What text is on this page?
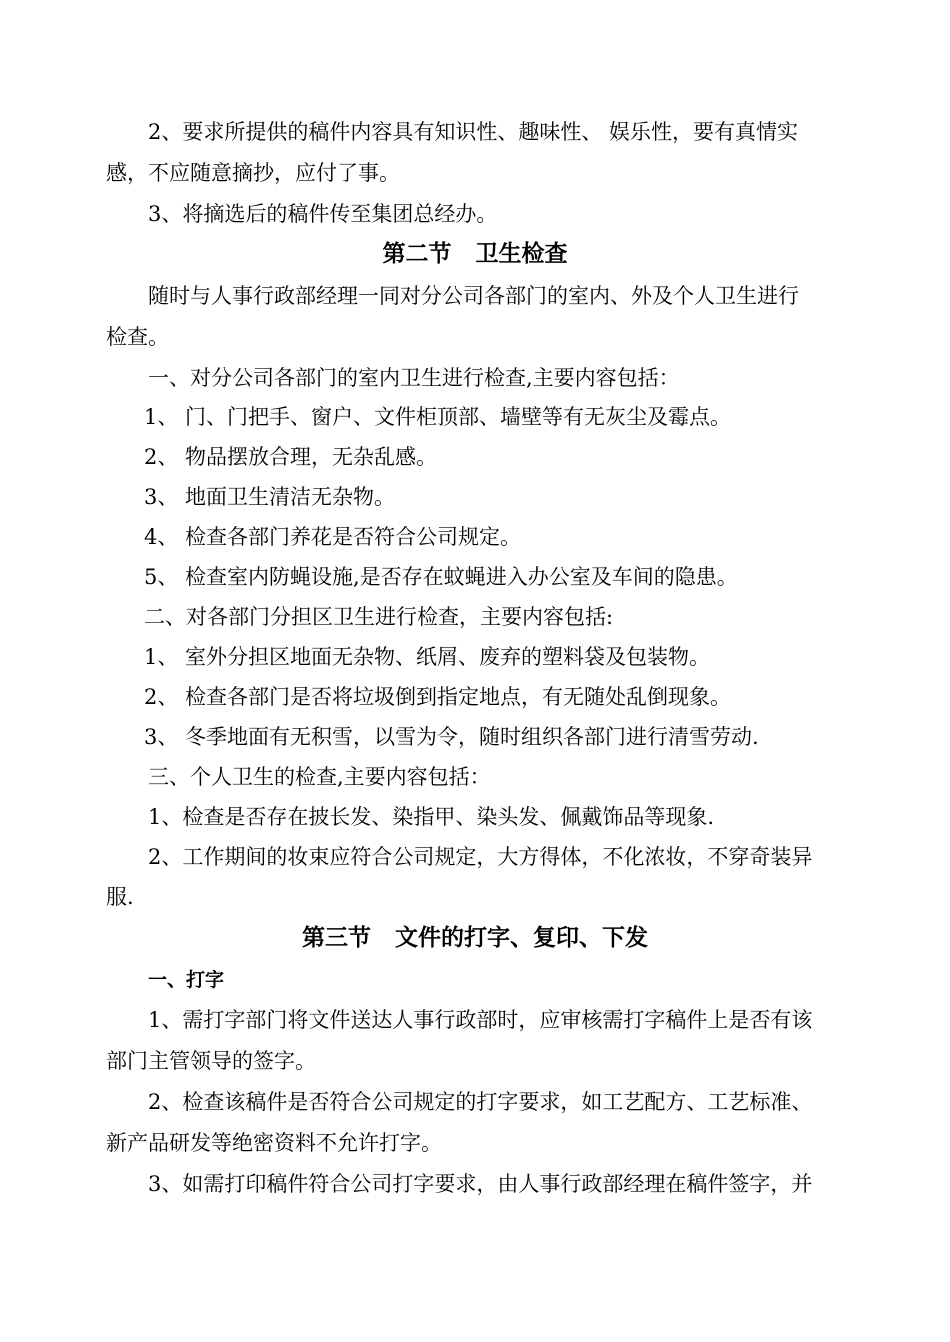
2、要求所提供的稿件内容具有知识性、趣味性、 娱乐性，要有真情实
感，不应随意摘抄，应付了事。
3、将摘选后的稿件传至集团总经办。
第二节   卫生检查
随时与人事行政部经理一同对分公司各部门的室内、外及个人卫生进行
检查。
一、对分公司各部门的室内卫生进行检查,主要内容包括：
1、 门、门把手、窗户、文件柜顶部、墙壁等有无灰尘及霉点。
2、 物品摆放合理，无杂乱感。
3、 地面卫生清洁无杂物。
4、 检查各部门养花是否符合公司规定。
5、 检查室内防蝇设施,是否存在蚊蝇进入办公室及车间的隐患。
二、对各部门分担区卫生进行检查，主要内容包括:
1、 室外分担区地面无杂物、纸屑、废弃的塑料袋及包装物。
2、 检查各部门是否将垃圾倒到指定地点，有无随处乱倒现象。
3、 冬季地面有无积雪，以雪为令，随时组织各部门进行清雪劳动.
三、个人卫生的检查,主要内容包括：
1、检查是否存在披长发、染指甲、染头发、佩戴饰品等现象.
2、工作期间的妆束应符合公司规定，大方得体，不化浓妆，不穿奇装异
服.
第三节   文件的打字、复印、下发
一、打字
1、需打字部门将文件送达人事行政部时，应审核需打字稿件上是否有该
部门主管领导的签字。
2、检查该稿件是否符合公司规定的打字要求，如工艺配方、工艺标准、
新产品研发等绝密资料不允许打字。
3、如需打印稿件符合公司打字要求，由人事行政部经理在稿件签字，并
